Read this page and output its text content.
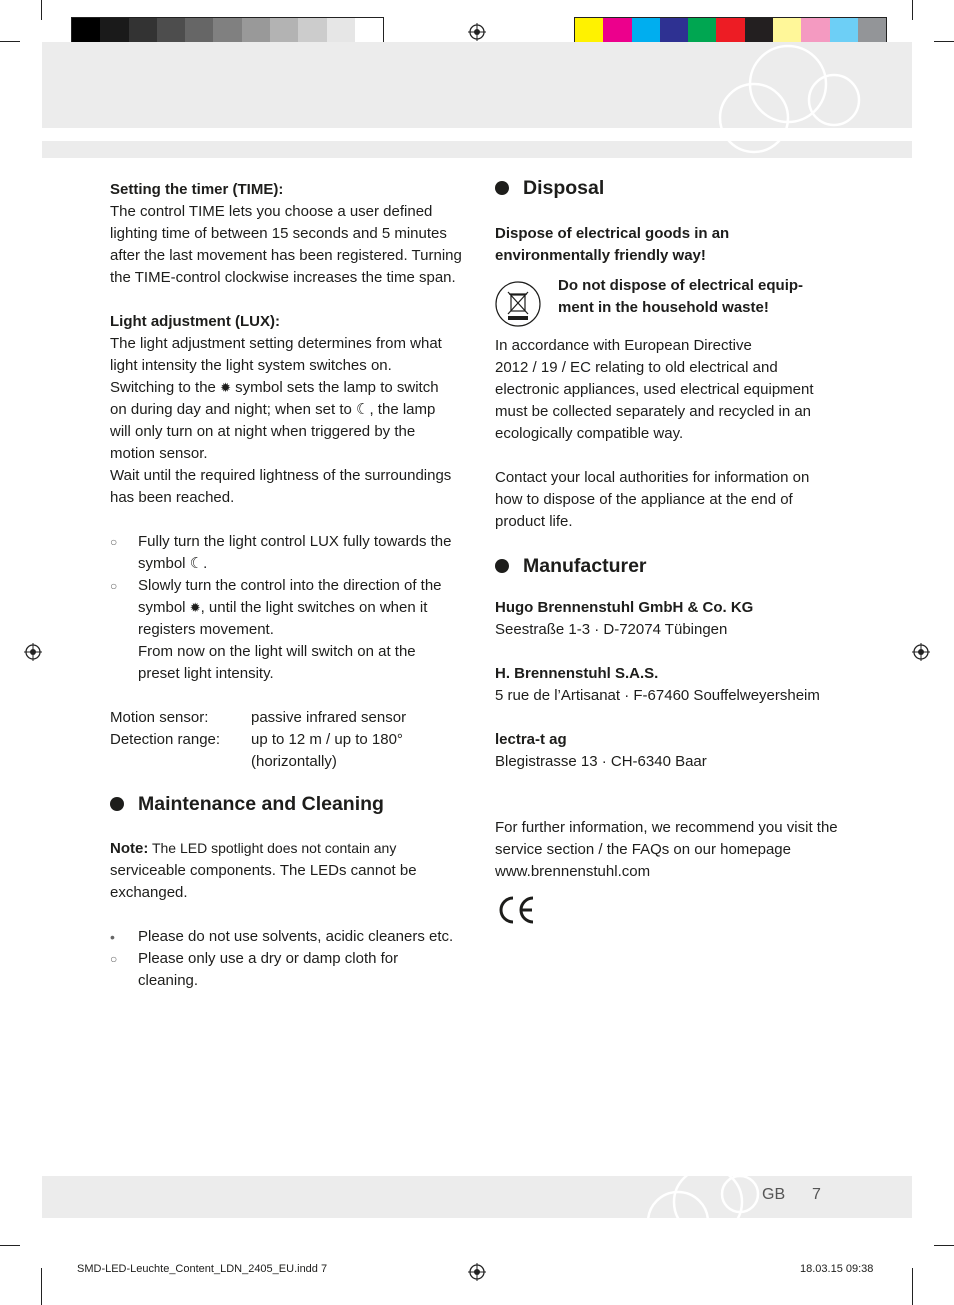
GB 7
SMD-LED-Leuchte_Content_LDN_2405_EU.indd 7	18.03.15 09:38

Setting the timer (TIME):

The control TIME lets you choose a user defined

lighting time of between 15 seconds and 5 minutes

after the last movement has been registered. Turning

the TIME-control clockwise increases the time span.

Light adjustment (LUX):

The light adjustment setting determines from what

light intensity the light system switches on.

Switching to the ✹ symbol sets the lamp to switch

on during day and night; when set to ☾, the lamp

will only turn on at night when triggered by the

motion sensor.

Wait until the required lightness of the surroundings

has been reached.

○ Fully turn the light control LUX fully towards the

symbol ☾.

○ Slowly turn the control into the direction of the

symbol ✹, until the light switches on when it

registers movement.

From now on the light will switch on at the

preset light intensity.

Motion sensor:	passive infrared sensor
Detection range:	up to 12 m / up to 180°
(horizontally)

Maintenance and Cleaning

Note: The LED spotlight does not contain any

serviceable components. The LEDs cannot be

exchanged.

• Please do not use solvents, acidic cleaners etc.

○ Please only use a dry or damp cloth for

cleaning.

Disposal

Dispose of electrical goods in an

environmentally friendly way!

Do not dispose of electrical equip-

ment in the household waste!

In accordance with European Directive

2012 / 19 / EC relating to old electrical and

electronic appliances, used electrical equipment

must be collected separately and recycled in an

ecologically compatible way.

Contact your local authorities for information on

how to dispose of the appliance at the end of

product life.

Manufacturer

Hugo Brennenstuhl GmbH & Co. KG

Seestraße 1-3 · D-72074 Tübingen

H. Brennenstuhl S.A.S.

5 rue de l’Artisanat · F-67460 Souffelweyersheim

lectra-t ag

Blegistrasse 13 · CH-6340 Baar

For further information, we recommend you visit the

service section / the FAQs on our homepage

www.brennenstuhl.com
